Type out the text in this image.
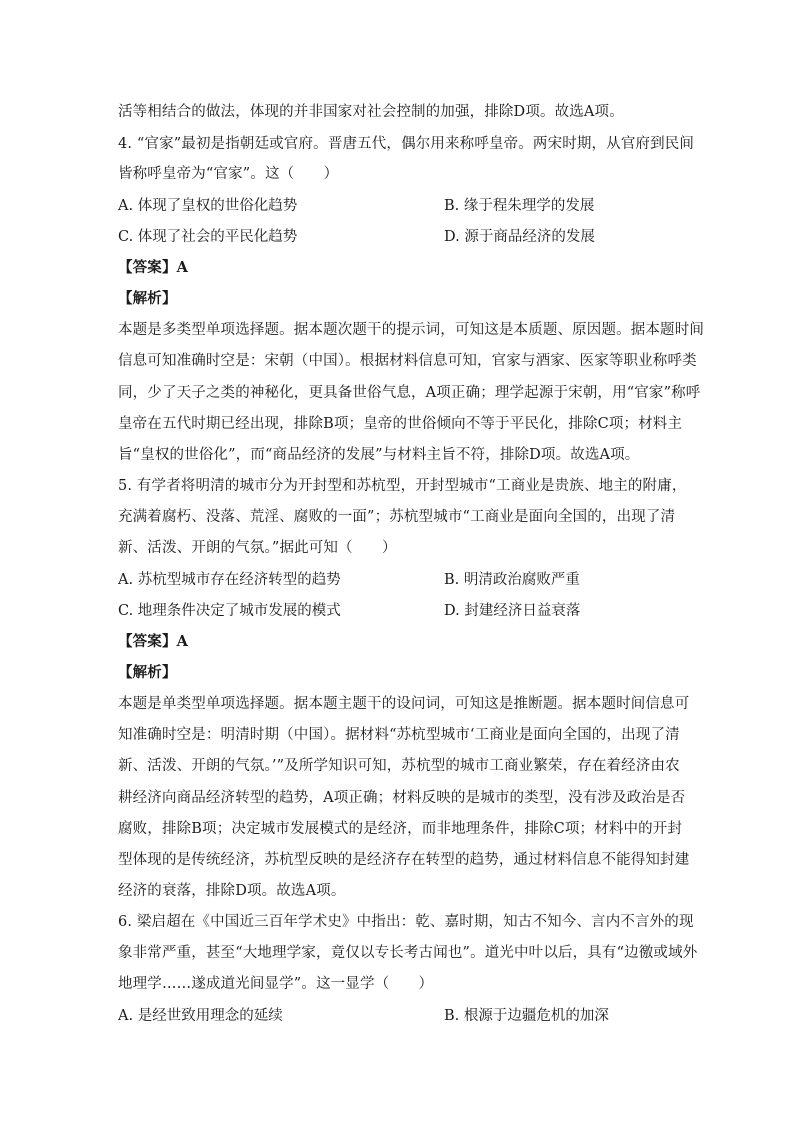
活等相结合的做法，体现的并非国家对社会控制的加强，排除D项。故选A项。
4. “官家”最初是指朝廷或官府。晋唐五代，偶尔用来称呼皇帝。两宋时期，从官府到民间
皆称呼皇帝为“官家”。这（　　）
A. 体现了皇权的世俗化趋势	B. 缘于程朱理学的发展
C. 体现了社会的平民化趋势	D. 源于商品经济的发展
【答案】A
【解析】
本题是多类型单项选择题。据本题次题干的提示词，可知这是本质题、原因题。据本题时间
信息可知准确时空是：宋朝（中国）。根据材料信息可知，官家与酒家、医家等职业称呼类
同，少了天子之类的神秘化，更具备世俗气息，A项正确；理学起源于宋朝，用“官家”称呼
皇帝在五代时期已经出现，排除B项；皇帝的世俗倾向不等于平民化，排除C项；材料主
旨“皇权的世俗化”，而“商品经济的发展”与材料主旨不符，排除D项。故选A项。
5. 有学者将明清的城市分为开封型和苏杭型，开封型城市“工商业是贵族、地主的附庸，
充满着腐朽、没落、荒淫、腐败的一面”；苏杭型城市“工商业是面向全国的，出现了清
新、活泼、开朗的气氛。”据此可知（　　）
A. 苏杭型城市存在经济转型的趋势	B. 明清政治腐败严重
C. 地理条件决定了城市发展的模式	D. 封建经济日益衰落
【答案】A
【解析】
本题是单类型单项选择题。据本题主题干的设问词，可知这是推断题。据本题时间信息可
知准确时空是：明清时期（中国）。据材料“苏杭型城市‘工商业是面向全国的，出现了清
新、活泼、开朗的气氛。’”及所学知识可知，苏杭型的城市工商业繁荣，存在着经济由农
耕经济向商品经济转型的趋势，A项正确；材料反映的是城市的类型，没有涉及政治是否
腐败，排除B项；决定城市发展模式的是经济，而非地理条件，排除C项；材料中的开封
型体现的是传统经济，苏杭型反映的是经济存在转型的趋势，通过材料信息不能得知封建
经济的衰落，排除D项。故选A项。
6. 梁启超在《中国近三百年学术史》中指出：乾、嘉时期，知古不知今、言内不言外的现
象非常严重，甚至“大地理学家，竟仅以专长考古闻也”。道光中叶以后，具有“边徼或域外
地理学……遂成道光间显学”。这一显学（　　）
A. 是经世致用理念的延续	B. 根源于边疆危机的加深
